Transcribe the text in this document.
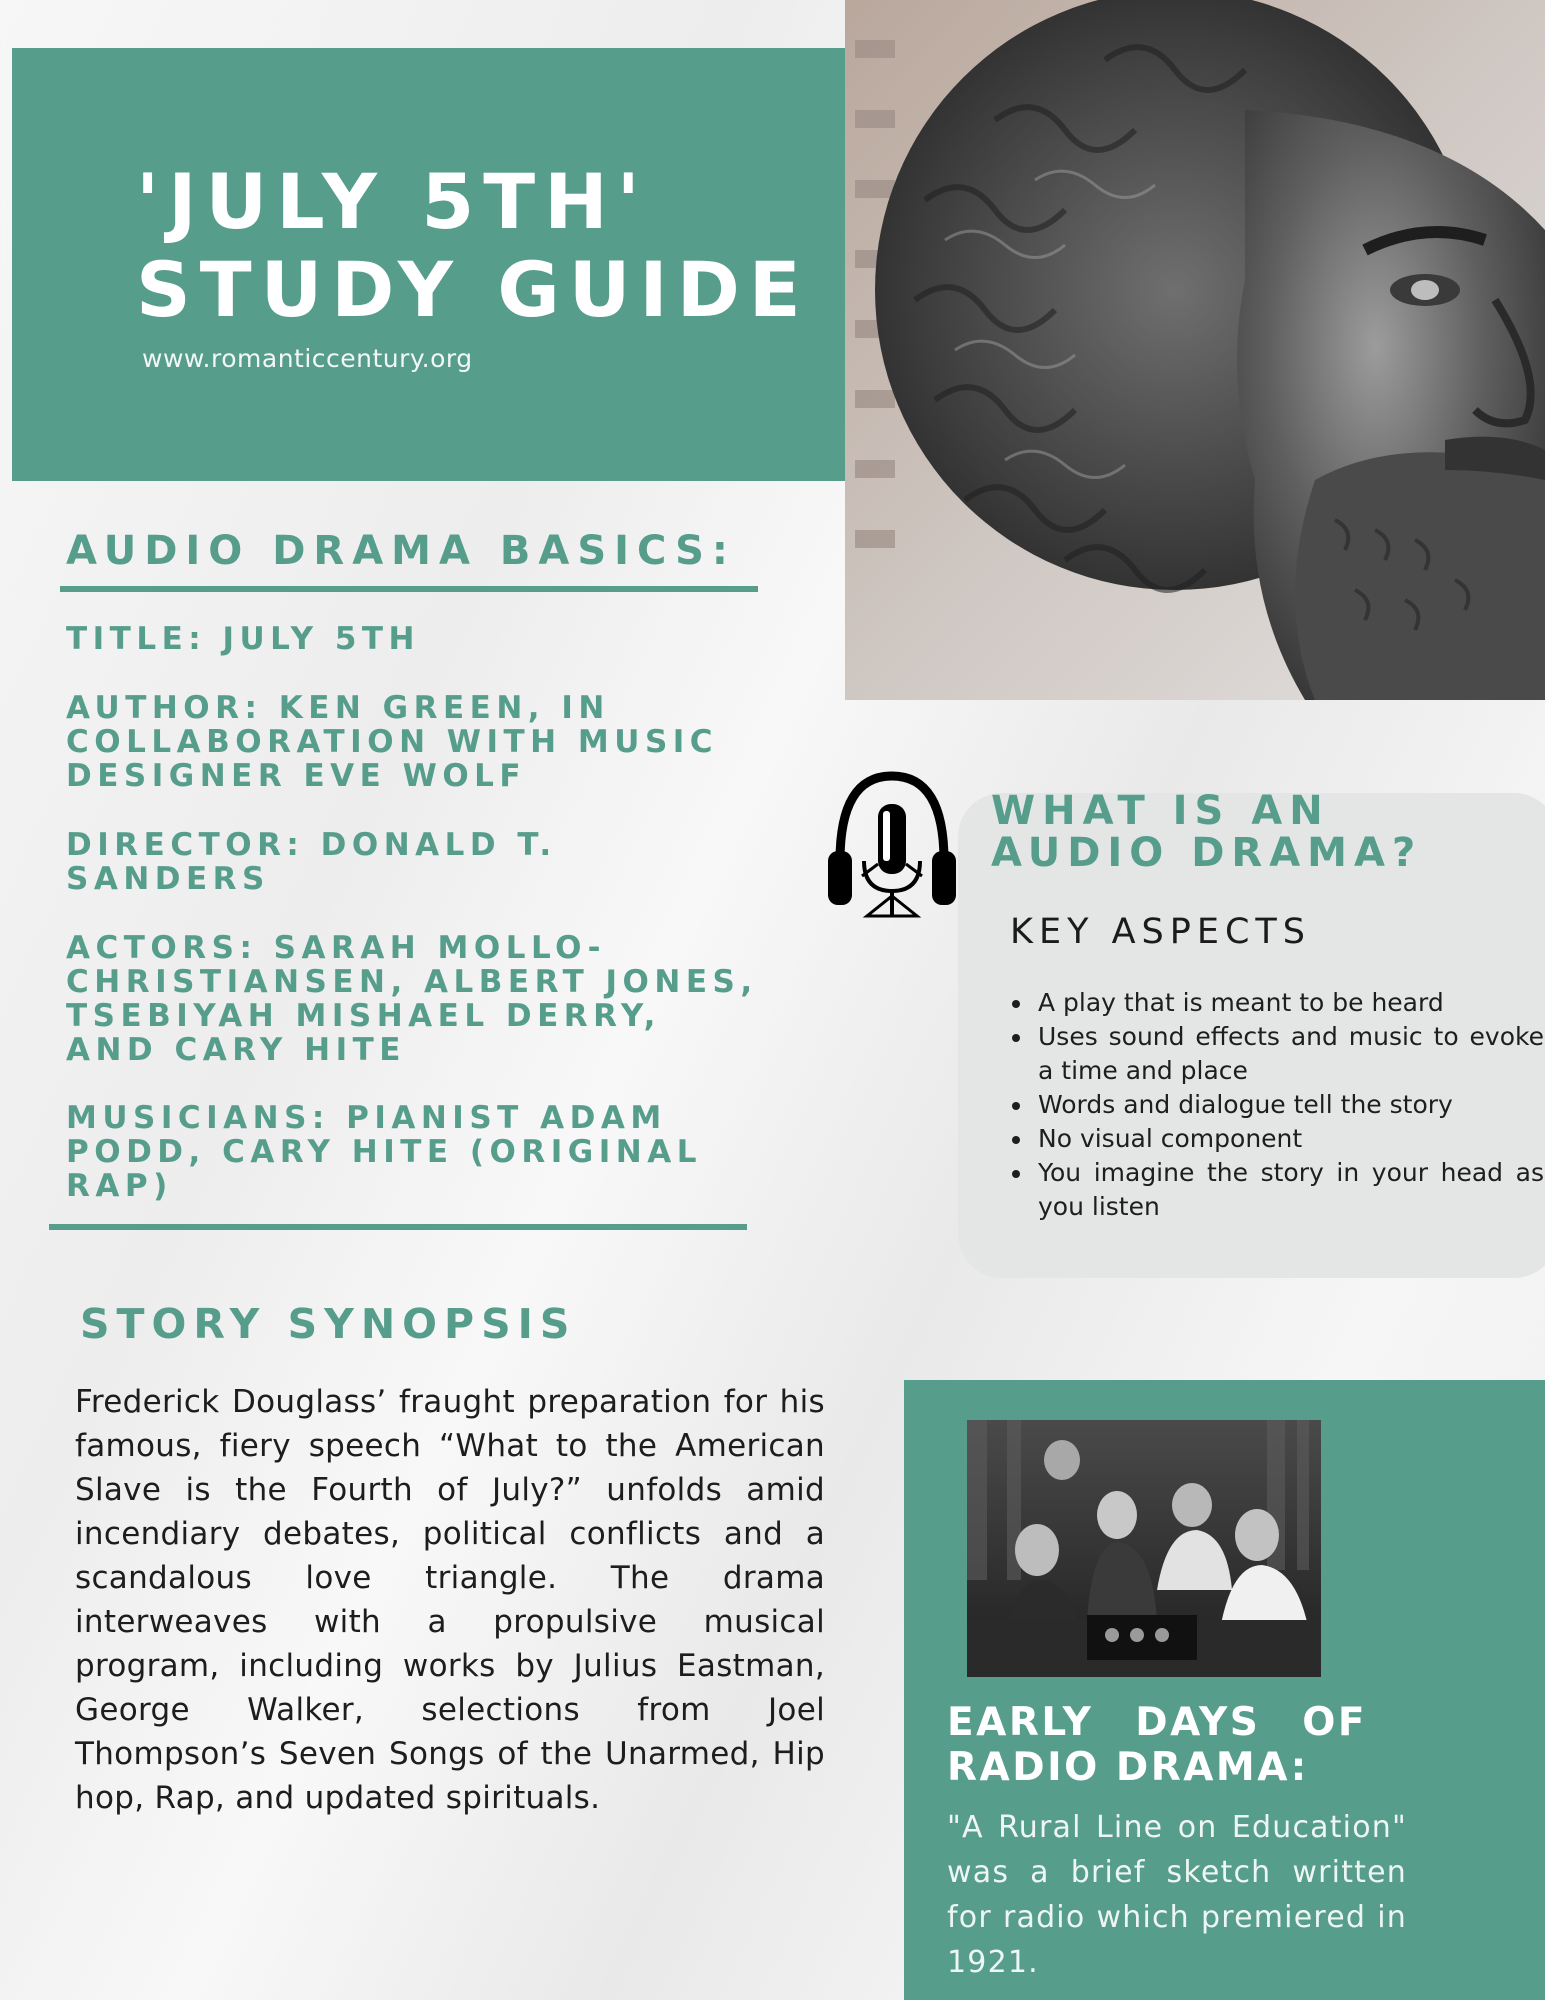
'JULY 5TH'
STUDY GUIDE
www.romanticcentury.org
AUDIO DRAMA BASICS:

TITLE: JULY 5TH

AUTHOR: KEN GREEN, IN
COLLABORATION WITH MUSIC
DESIGNER EVE WOLF

DIRECTOR: DONALD T.
SANDERS

ACTORS: SARAH MOLLO-
CHRISTIANSEN, ALBERT JONES,
TSEBIYAH MISHAEL DERRY,
AND CARY HITE

MUSICIANS: PIANIST ADAM
PODD, CARY HITE (ORIGINAL
RAP)

WHAT IS AN
AUDIO DRAMA?
KEY ASPECTS
• A play that is meant to be heard
• Uses sound effects and music to evoke a time and place
• Words and dialogue tell the story
• No visual component
• You imagine the story in your head as you listen
STORY SYNOPSIS

Frederick Douglass’ fraught preparation for his famous, fiery speech “What to the American Slave is the Fourth of July?” unfolds amid incendiary debates, political conflicts and a scandalous love triangle. The drama interweaves with a propulsive musical program, including works by Julius Eastman, George Walker, selections from Joel Thompson’s Seven Songs of the Unarmed, Hip hop, Rap, and updated spirituals.

EARLY DAYS OF RADIO DRAMA:

"A Rural Line on Education" was a brief sketch written for radio which premiered in 1921.
